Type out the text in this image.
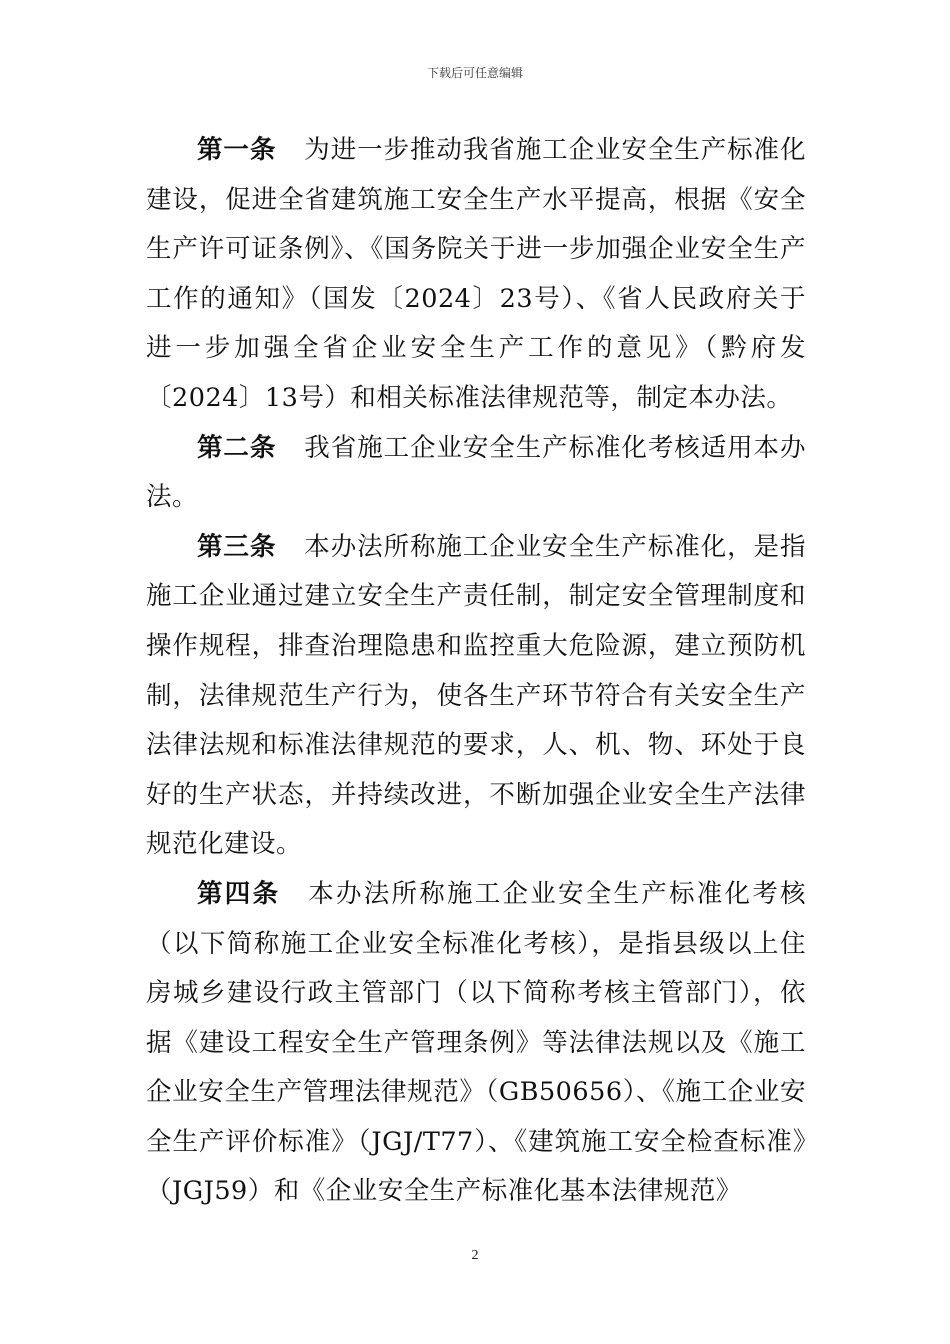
下载后可任意编辑

第一条 为进一步推动我省施工企业安全生产标准化建设，促进全省建筑施工安全生产水平提高，根据《安全生产许可证条例》、《国务院关于进一步加强企业安全生产工作的通知》（国发〔2024〕23号）、《省人民政府关于进一步加强全省企业安全生产工作的意见》（黔府发〔2024〕13号）和相关标准法律规范等，制定本办法。

第二条 我省施工企业安全生产标准化考核适用本办法。

第三条 本办法所称施工企业安全生产标准化，是指施工企业通过建立安全生产责任制，制定安全管理制度和操作规程，排查治理隐患和监控重大危险源，建立预防机制，法律规范生产行为，使各生产环节符合有关安全生产法律法规和标准法律规范的要求，人、机、物、环处于良好的生产状态，并持续改进，不断加强企业安全生产法律规范化建设。

第四条 本办法所称施工企业安全生产标准化考核（以下简称施工企业安全标准化考核），是指县级以上住房城乡建设行政主管部门（以下简称考核主管部门），依据《建设工程安全生产管理条例》等法律法规以及《施工企业安全生产管理法律规范》（GB50656）、《施工企业安全生产评价标准》（JGJ/T77）、《建筑施工安全检查标准》（JGJ59）和《企业安全生产标准化基本法律规范》

2
